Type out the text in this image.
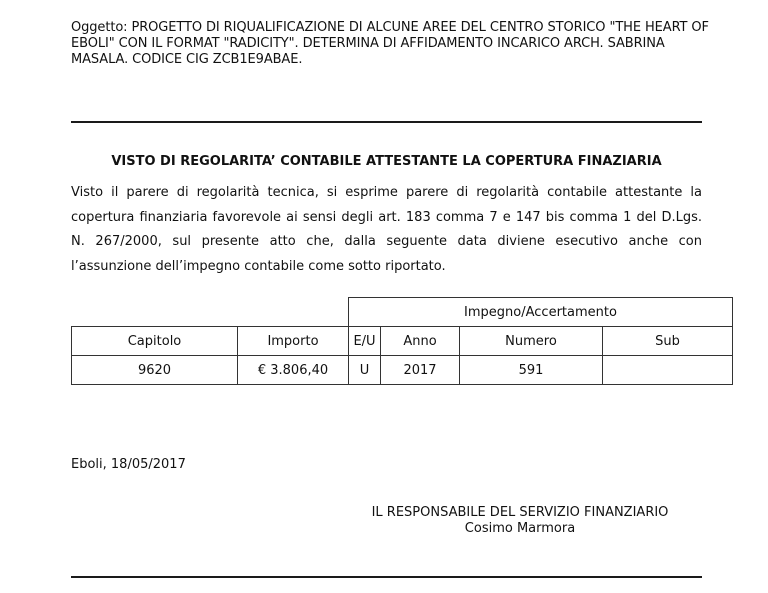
Oggetto: PROGETTO DI RIQUALIFICAZIONE DI ALCUNE AREE DEL CENTRO STORICO "THE HEART OF EBOLI" CON IL FORMAT "RADICITY". DETERMINA DI AFFIDAMENTO INCARICO ARCH. SABRINA MASALA. CODICE CIG ZCB1E9ABAE.
VISTO DI REGOLARITA’ CONTABILE ATTESTANTE LA COPERTURA FINAZIARIA
Visto il parere di regolarità tecnica, si esprime parere di regolarità contabile attestante la copertura finanziaria favorevole ai sensi degli art. 183 comma 7 e 147 bis comma 1 del D.Lgs. N. 267/2000, sul presente atto che, dalla seguente data diviene esecutivo anche con l’assunzione dell’impegno contabile come sotto riportato.
		Impegno/Accertamento			
Capitolo	Importo	E/U	Anno	Numero	Sub
9620	€ 3.806,40	U	2017	591	
Eboli, 18/05/2017
IL RESPONSABILE DEL SERVIZIO FINANZIARIO
Cosimo Marmora
